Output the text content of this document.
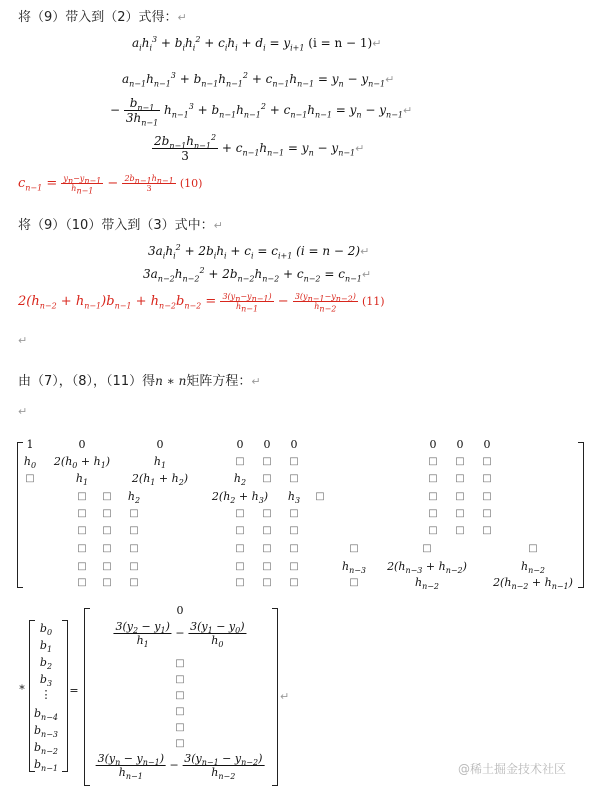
将（9）带入到（2）式得：↵
$a_ih_i^3 + b_ih_i^2 + c_ih_i + d_i = y_{i+1}$ (i = n − 1)↵
$a_{n-1}h_{n-1}^3 + b_{n-1}h_{n-1}^2 + c_{n-1}h_{n-1} = y_n$ − $y_{n-1}↵$
− $\frac{b_{n-1}}{3h_{n-1}} h_{n-1}^3 + b_{n-1}h_{n-1}^2 + c_{n-1}h_{n-1} = y_n$ − $y_{n-1}↵$
$\frac{2b_{n-1}h_{n-1}^2}{3} + c_{n-1}h_{n-1} = y_n$ − $y_{n-1}↵$
$c_{n-1} = \frac{y_n-y_{n-1}}{h_{n-1}} - \frac{2b_{n-1}h_{n-1}}{3} (10)$
将（9）（10）带入到（3）式中：↵
$3a_ih_i^2 + 2b_ih_i + c_i = c_{i+1}$ (i = n − 2)↵
$3a_{n-2}h_{n-2}^2 + 2b_{n-2}h_{n-2} + c_{n-2}$ = $c_{n-1}↵$
$2(h_{n-2} + h_{n-1})b_{n-1} + h_{n-2}b_{n-2} = \frac{3(y_n-y_{n-1})}{h_{n-1}} - \frac{3(y_{n-1}-y_{n-2})}{h_{n-2}} (11)$
↵
由（7），（8），（11）得n ∗ n矩阵方程：↵
↵
1	0	0	0 0 0	0 0 0
$h_0$ $2(h_0 + h_1)$	$h_1$	□ □ □	□ □ □
□	$h_1$	$2(h_1 + h_2)$	$h_2$ □ □	□ □ □
□ □ $h_2$	$2(h_2 + h_3)$ $h_3$ □	□ □ □
□ □ □	□ □ □	□ □ □
□ □ □	□ □ □	□ □ □
□ □ □	□ □ □	□	□	□
□ □ □	□ □ □	$h_{n-3}$ $2(h_{n-3} + h_{n-2})$	$h_{n-2}$
□ □ □	□ □ □	□	$h_{n-2}$	$2(h_{n-2} + h_{n-1})$
*
$b_0$
$b_1$
$b_2$
$b_3$
⋮
$b_{n-4}$
$b_{n-3}$
$b_{n-2}$
$b_{n-1}$
=
0
$\frac{3(y_2 - y_1)}{h_1} - \frac{3(y_1 - y_0)}{h_0}$
□
□
□
□
□
□
$\frac{3(y_n - y_{n-1})}{h_{n-1}} - \frac{3(y_{n-1} - y_{n-2})}{h_{n-2}}$
↵
@稀土掘金技术社区
